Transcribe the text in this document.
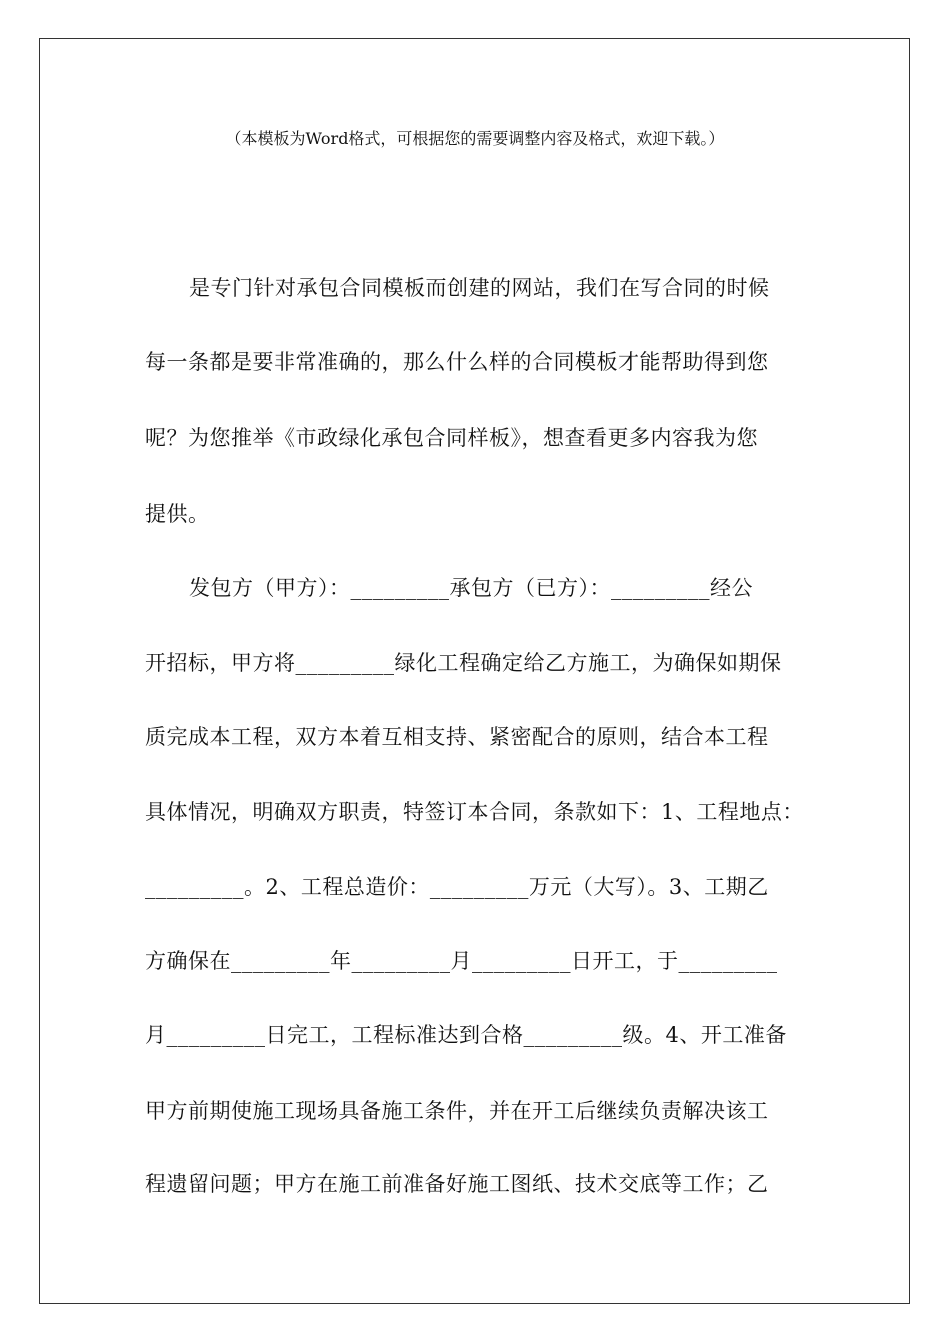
（本模板为Word格式，可根据您的需要调整内容及格式，欢迎下载。）
是专门针对承包合同模板而创建的网站，我们在写合同的时候
每一条都是要非常准确的，那么什么样的合同模板才能帮助得到您
呢？为您推举《市政绿化承包合同样板》，想查看更多内容我为您
提供。
发包方（甲方）：_________承包方（已方）：_________经公
开招标，甲方将_________绿化工程确定给乙方施工，为确保如期保
质完成本工程，双方本着互相支持、紧密配合的原则，结合本工程
具体情况，明确双方职责，特签订本合同，条款如下：1、工程地点：
_________。2、工程总造价：_________万元（大写）。3、工期乙
方确保在_________年_________月_________日开工，于_________
月_________日完工，工程标准达到合格_________级。4、开工准备
甲方前期使施工现场具备施工条件，并在开工后继续负责解决该工
程遗留问题；甲方在施工前准备好施工图纸、技术交底等工作；乙
